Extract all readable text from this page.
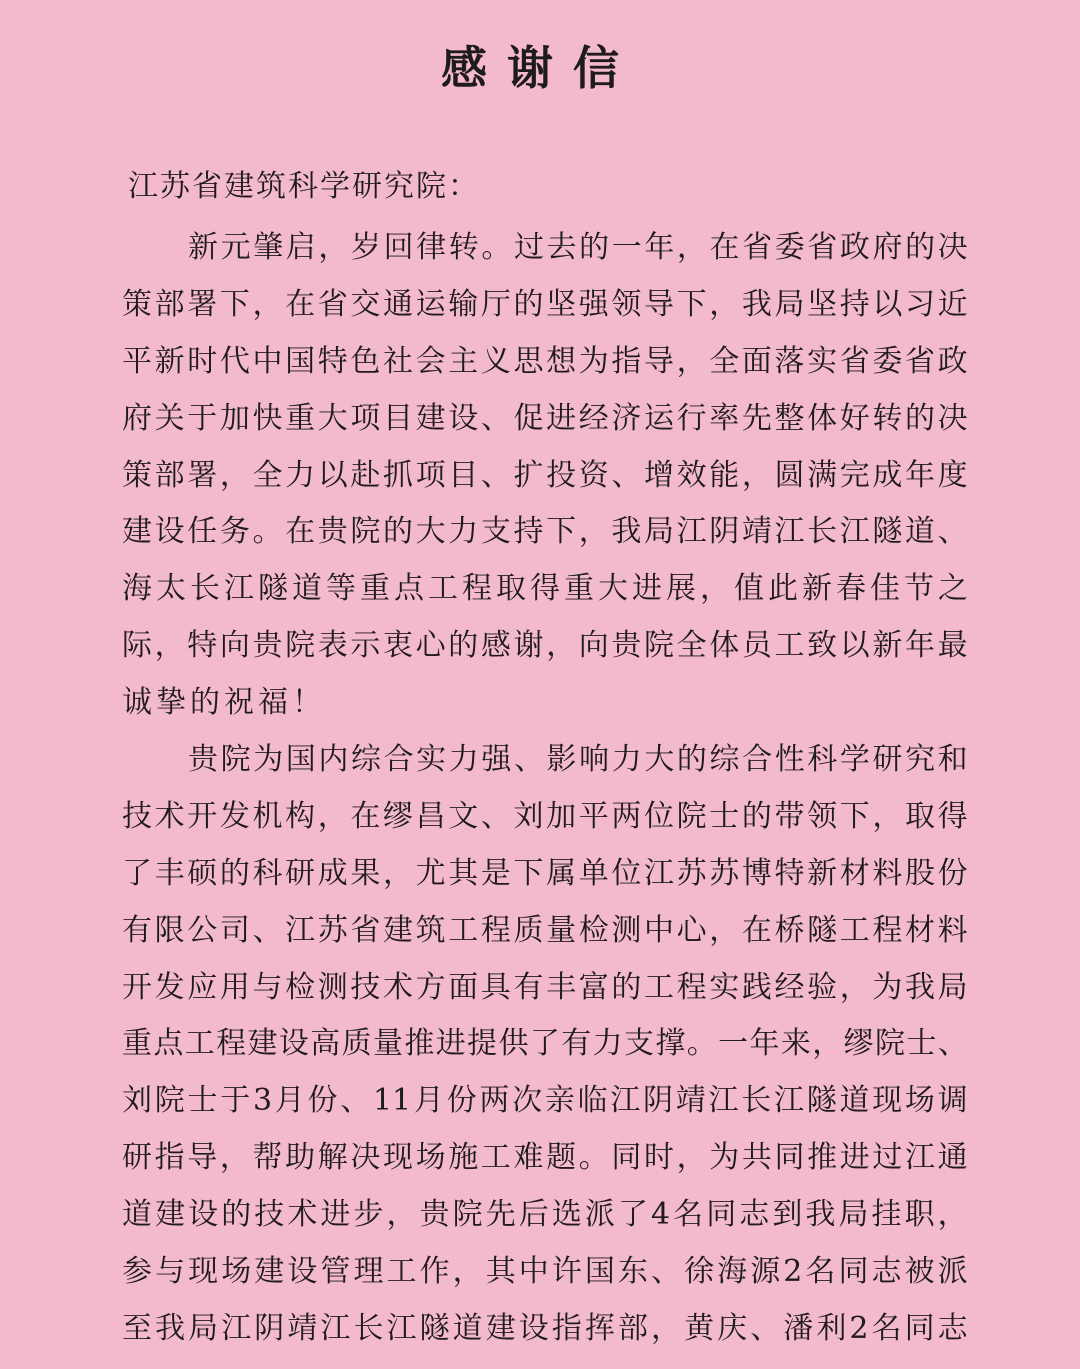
感谢信
江苏省建筑科学研究院：
新 元 肇 启 ， 岁 回 律 转 。 过 去 的 一 年 ， 在 省 委 省 政 府 的 决
策 部 署 下 ， 在 省 交 通 运 输 厅 的 坚 强 领 导 下 ， 我 局 坚 持 以 习 近
平 新 时 代 中 国 特 色 社 会 主 义 思 想 为 指 导 ， 全 面 落 实 省 委 省 政
府 关 于 加 快 重 大 项 目 建 设 、 促 进 经 济 运 行 率 先 整 体 好 转 的 决
策 部 署 ， 全 力 以 赴 抓 项 目 、 扩 投 资 、 增 效 能 ， 圆 满 完 成 年 度
建 设 任 务 。 在 贵 院 的 大 力 支 持 下 ， 我 局 江 阴 靖 江 长 江 隧 道 、
海 太 长 江 隧 道 等 重 点 工 程 取 得 重 大 进 展 ， 值 此 新 春 佳 节 之
际 ， 特 向 贵 院 表 示 衷 心 的 感 谢 ， 向 贵 院 全 体 员 工 致 以 新 年 最
诚 挚 的 祝 福 ！
贵 院 为 国 内 综 合 实 力 强 、 影 响 力 大 的 综 合 性 科 学 研 究 和
技 术 开 发 机 构 ， 在 缪 昌 文 、 刘 加 平 两 位 院 士 的 带 领 下 ， 取 得
了 丰 硕 的 科 研 成 果 ， 尤 其 是 下 属 单 位 江 苏 苏 博 特 新 材 料 股 份
有 限 公 司 、 江 苏 省 建 筑 工 程 质 量 检 测 中 心 ， 在 桥 隧 工 程 材 料
开 发 应 用 与 检 测 技 术 方 面 具 有 丰 富 的 工 程 实 践 经 验 ， 为 我 局
重 点 工 程 建 设 高 质 量 推 进 提 供 了 有 力 支 撑 。 一 年 来 ， 缪 院 士 、
刘 院 士 于 3 月 份 、 11 月 份 两 次 亲 临 江 阴 靖 江 长 江 隧 道 现 场 调
研 指 导 ， 帮 助 解 决 现 场 施 工 难 题 。 同 时 ， 为 共 同 推 进 过 江 通
道 建 设 的 技 术 进 步 ， 贵 院 先 后 选 派 了 4 名 同 志 到 我 局 挂 职 ，
参 与 现 场 建 设 管 理 工 作 ， 其 中 许 国 东 、 徐 海 源 2 名 同 志 被 派
至 我 局 江 阴 靖 江 长 江 隧 道 建 设 指 挥 部 ， 黄 庆 、 潘 利 2 名 同 志
